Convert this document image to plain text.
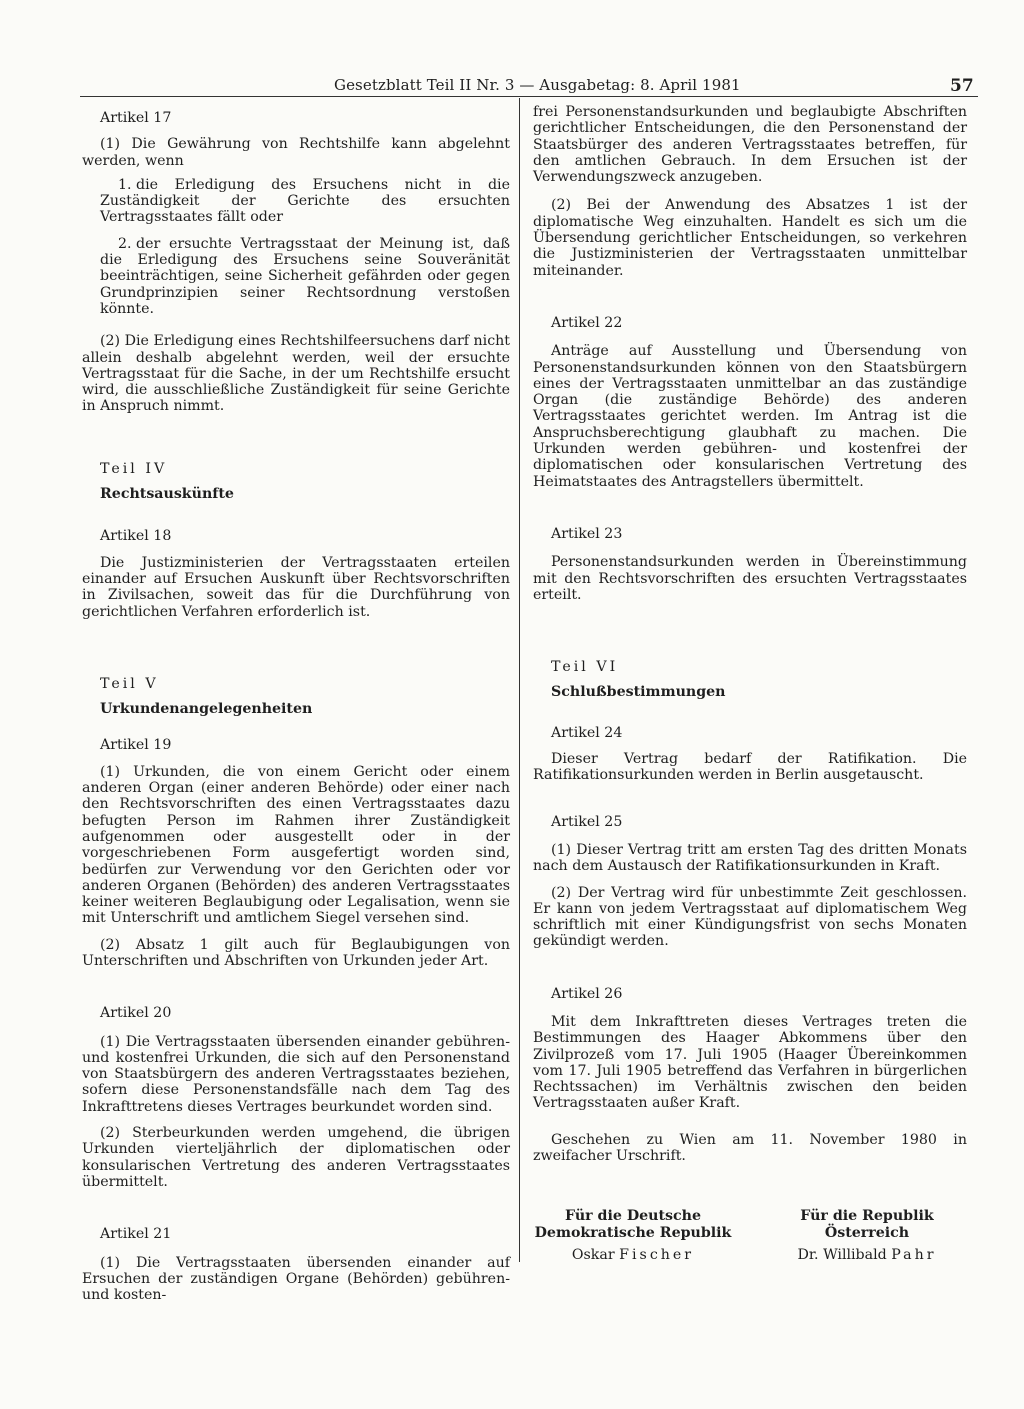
Gesetzblatt Teil II Nr. 3 — Ausgabetag: 8. April 1981	57

Artikel 17

(1) Die Gewährung von Rechtshilfe kann abgelehnt werden, wenn

1. die Erledigung des Ersuchens nicht in die Zuständigkeit der Gerichte des ersuchten Vertragsstaates fällt oder

2. der ersuchte Vertragsstaat der Meinung ist, daß die Erledigung des Ersuchens seine Souveränität beeinträchtigen, seine Sicherheit gefährden oder gegen Grundprinzipien seiner Rechtsordnung verstoßen könnte.

(2) Die Erledigung eines Rechtshilfeersuchens darf nicht allein deshalb abgelehnt werden, weil der ersuchte Vertragsstaat für die Sache, in der um Rechtshilfe ersucht wird, die ausschließliche Zuständigkeit für seine Gerichte in Anspruch nimmt.

Teil IV

Rechtsauskünfte

Artikel 18

Die Justizministerien der Vertragsstaaten erteilen einander auf Ersuchen Auskunft über Rechtsvorschriften in Zivilsachen, soweit das für die Durchführung von gerichtlichen Verfahren erforderlich ist.

Teil V

Urkundenangelegenheiten

Artikel 19

(1) Urkunden, die von einem Gericht oder einem anderen Organ (einer anderen Behörde) oder einer nach den Rechtsvorschriften des einen Vertragsstaates dazu befugten Person im Rahmen ihrer Zuständigkeit aufgenommen oder ausgestellt oder in der vorgeschriebenen Form ausgefertigt worden sind, bedürfen zur Verwendung vor den Gerichten oder vor anderen Organen (Behörden) des anderen Vertragsstaates keiner weiteren Beglaubigung oder Legalisation, wenn sie mit Unterschrift und amtlichem Siegel versehen sind.

(2) Absatz 1 gilt auch für Beglaubigungen von Unterschriften und Abschriften von Urkunden jeder Art.

Artikel 20

(1) Die Vertragsstaaten übersenden einander gebühren- und kostenfrei Urkunden, die sich auf den Personenstand von Staatsbürgern des anderen Vertragsstaates beziehen, sofern diese Personenstandsfälle nach dem Tag des Inkrafttretens dieses Vertrages beurkundet worden sind.

(2) Sterbeurkunden werden umgehend, die übrigen Urkunden vierteljährlich der diplomatischen oder konsularischen Vertretung des anderen Vertragsstaates übermittelt.

Artikel 21

(1) Die Vertragsstaaten übersenden einander auf Ersuchen der zuständigen Organe (Behörden) gebühren- und kosten-

frei Personenstandsurkunden und beglaubigte Abschriften gerichtlicher Entscheidungen, die den Personenstand der Staatsbürger des anderen Vertragsstaates betreffen, für den amtlichen Gebrauch. In dem Ersuchen ist der Verwendungszweck anzugeben.

(2) Bei der Anwendung des Absatzes 1 ist der diplomatische Weg einzuhalten. Handelt es sich um die Übersendung gerichtlicher Entscheidungen, so verkehren die Justizministerien der Vertragsstaaten unmittelbar miteinander.

Artikel 22

Anträge auf Ausstellung und Übersendung von Personenstandsurkunden können von den Staatsbürgern eines der Vertragsstaaten unmittelbar an das zuständige Organ (die zuständige Behörde) des anderen Vertragsstaates gerichtet werden. Im Antrag ist die Anspruchsberechtigung glaubhaft zu machen. Die Urkunden werden gebühren- und kostenfrei der diplomatischen oder konsularischen Vertretung des Heimatstaates des Antragstellers übermittelt.

Artikel 23

Personenstandsurkunden werden in Übereinstimmung mit den Rechtsvorschriften des ersuchten Vertragsstaates erteilt.

Teil VI

Schlußbestimmungen

Artikel 24

Dieser Vertrag bedarf der Ratifikation. Die Ratifikationsurkunden werden in Berlin ausgetauscht.

Artikel 25

(1) Dieser Vertrag tritt am ersten Tag des dritten Monats nach dem Austausch der Ratifikationsurkunden in Kraft.

(2) Der Vertrag wird für unbestimmte Zeit geschlossen. Er kann von jedem Vertragsstaat auf diplomatischem Weg schriftlich mit einer Kündigungsfrist von sechs Monaten gekündigt werden.

Artikel 26

Mit dem Inkrafttreten dieses Vertrages treten die Bestimmungen des Haager Abkommens über den Zivilprozeß vom 17. Juli 1905 (Haager Übereinkommen vom 17. Juli 1905 betreffend das Verfahren in bürgerlichen Rechtssachen) im Verhältnis zwischen den beiden Vertragsstaaten außer Kraft.

Geschehen zu Wien am 11. November 1980 in zweifacher Urschrift.

Für die Deutsche
Demokratische Republik
Oskar Fischer
Für die Republik
Österreich
Dr. Willibald Pahr
